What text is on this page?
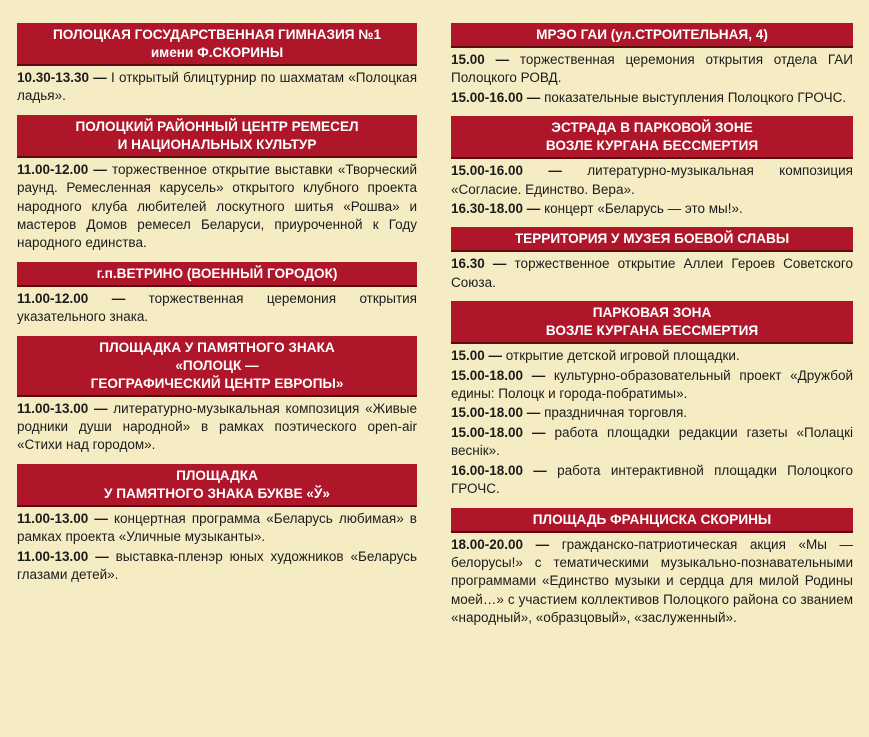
ПОЛОЦКАЯ ГОСУДАРСТВЕННАЯ ГИМНАЗИЯ №1
имени Ф.СКОРИНЫ

10.30-13.30 — I открытый блицтурнир по шахматам «Полоцкая ладья».

ПОЛОЦКИЙ РАЙОННЫЙ ЦЕНТР РЕМЕСЕЛ
И НАЦИОНАЛЬНЫХ КУЛЬТУР

11.00-12.00 — торжественное открытие выставки «Творческий раунд. Ремесленная карусель» открытого клубного проекта народного клуба любителей лоскутного шитья «Рошва» и мастеров Домов ремесел Беларуси, приуроченной к Году народного единства.

г.п.ВЕТРИНО (ВОЕННЫЙ ГОРОДОК)

11.00-12.00 — торжественная церемония открытия указательного знака.

ПЛОЩАДКА У ПАМЯТНОГО ЗНАКА
«ПОЛОЦК —
ГЕОГРАФИЧЕСКИЙ ЦЕНТР ЕВРОПЫ»

11.00-13.00 — литературно-музыкальная композиция «Живые родники души народной» в рамках поэтического open-air «Стихи над городом».

ПЛОЩАДКА
У ПАМЯТНОГО ЗНАКА БУКВЕ «Ў»

11.00-13.00 — концертная программа «Беларусь любимая» в рамках проекта «Уличные музыканты».

11.00-13.00 — выставка-пленэр юных художников «Беларусь глазами детей».

МРЭО ГАИ (ул.СТРОИТЕЛЬНАЯ, 4)

15.00 — торжественная церемония открытия отдела ГАИ Полоцкого РОВД.

15.00-16.00 — показательные выступления Полоцкого ГРОЧС.

ЭСТРАДА В ПАРКОВОЙ ЗОНЕ
ВОЗЛЕ КУРГАНА БЕССМЕРТИЯ

15.00-16.00 — литературно-музыкальная композиция «Согласие. Единство. Вера».

16.30-18.00 — концерт «Беларусь — это мы!».

ТЕРРИТОРИЯ У МУЗЕЯ БОЕВОЙ СЛАВЫ

16.30 — торжественное открытие Аллеи Героев Советского Союза.

ПАРКОВАЯ ЗОНА
ВОЗЛЕ КУРГАНА БЕССМЕРТИЯ

15.00 — открытие детской игровой площадки.

15.00-18.00 — культурно-образовательный проект «Дружбой едины: Полоцк и города-побратимы».

15.00-18.00 — праздничная торговля.

15.00-18.00 — работа площадки редакции газеты «Полацкі веснік».

16.00-18.00 — работа интерактивной площадки Полоцкого ГРОЧС.

ПЛОЩАДЬ ФРАНЦИСКА СКОРИНЫ

18.00-20.00 — гражданско-патриотическая акция «Мы — белорусы!» с тематическими музыкально-познавательными программами «Единство музыки и сердца для милой Родины моей…» с участием коллективов Полоцкого района со званием «народный», «образцовый», «заслуженный».
